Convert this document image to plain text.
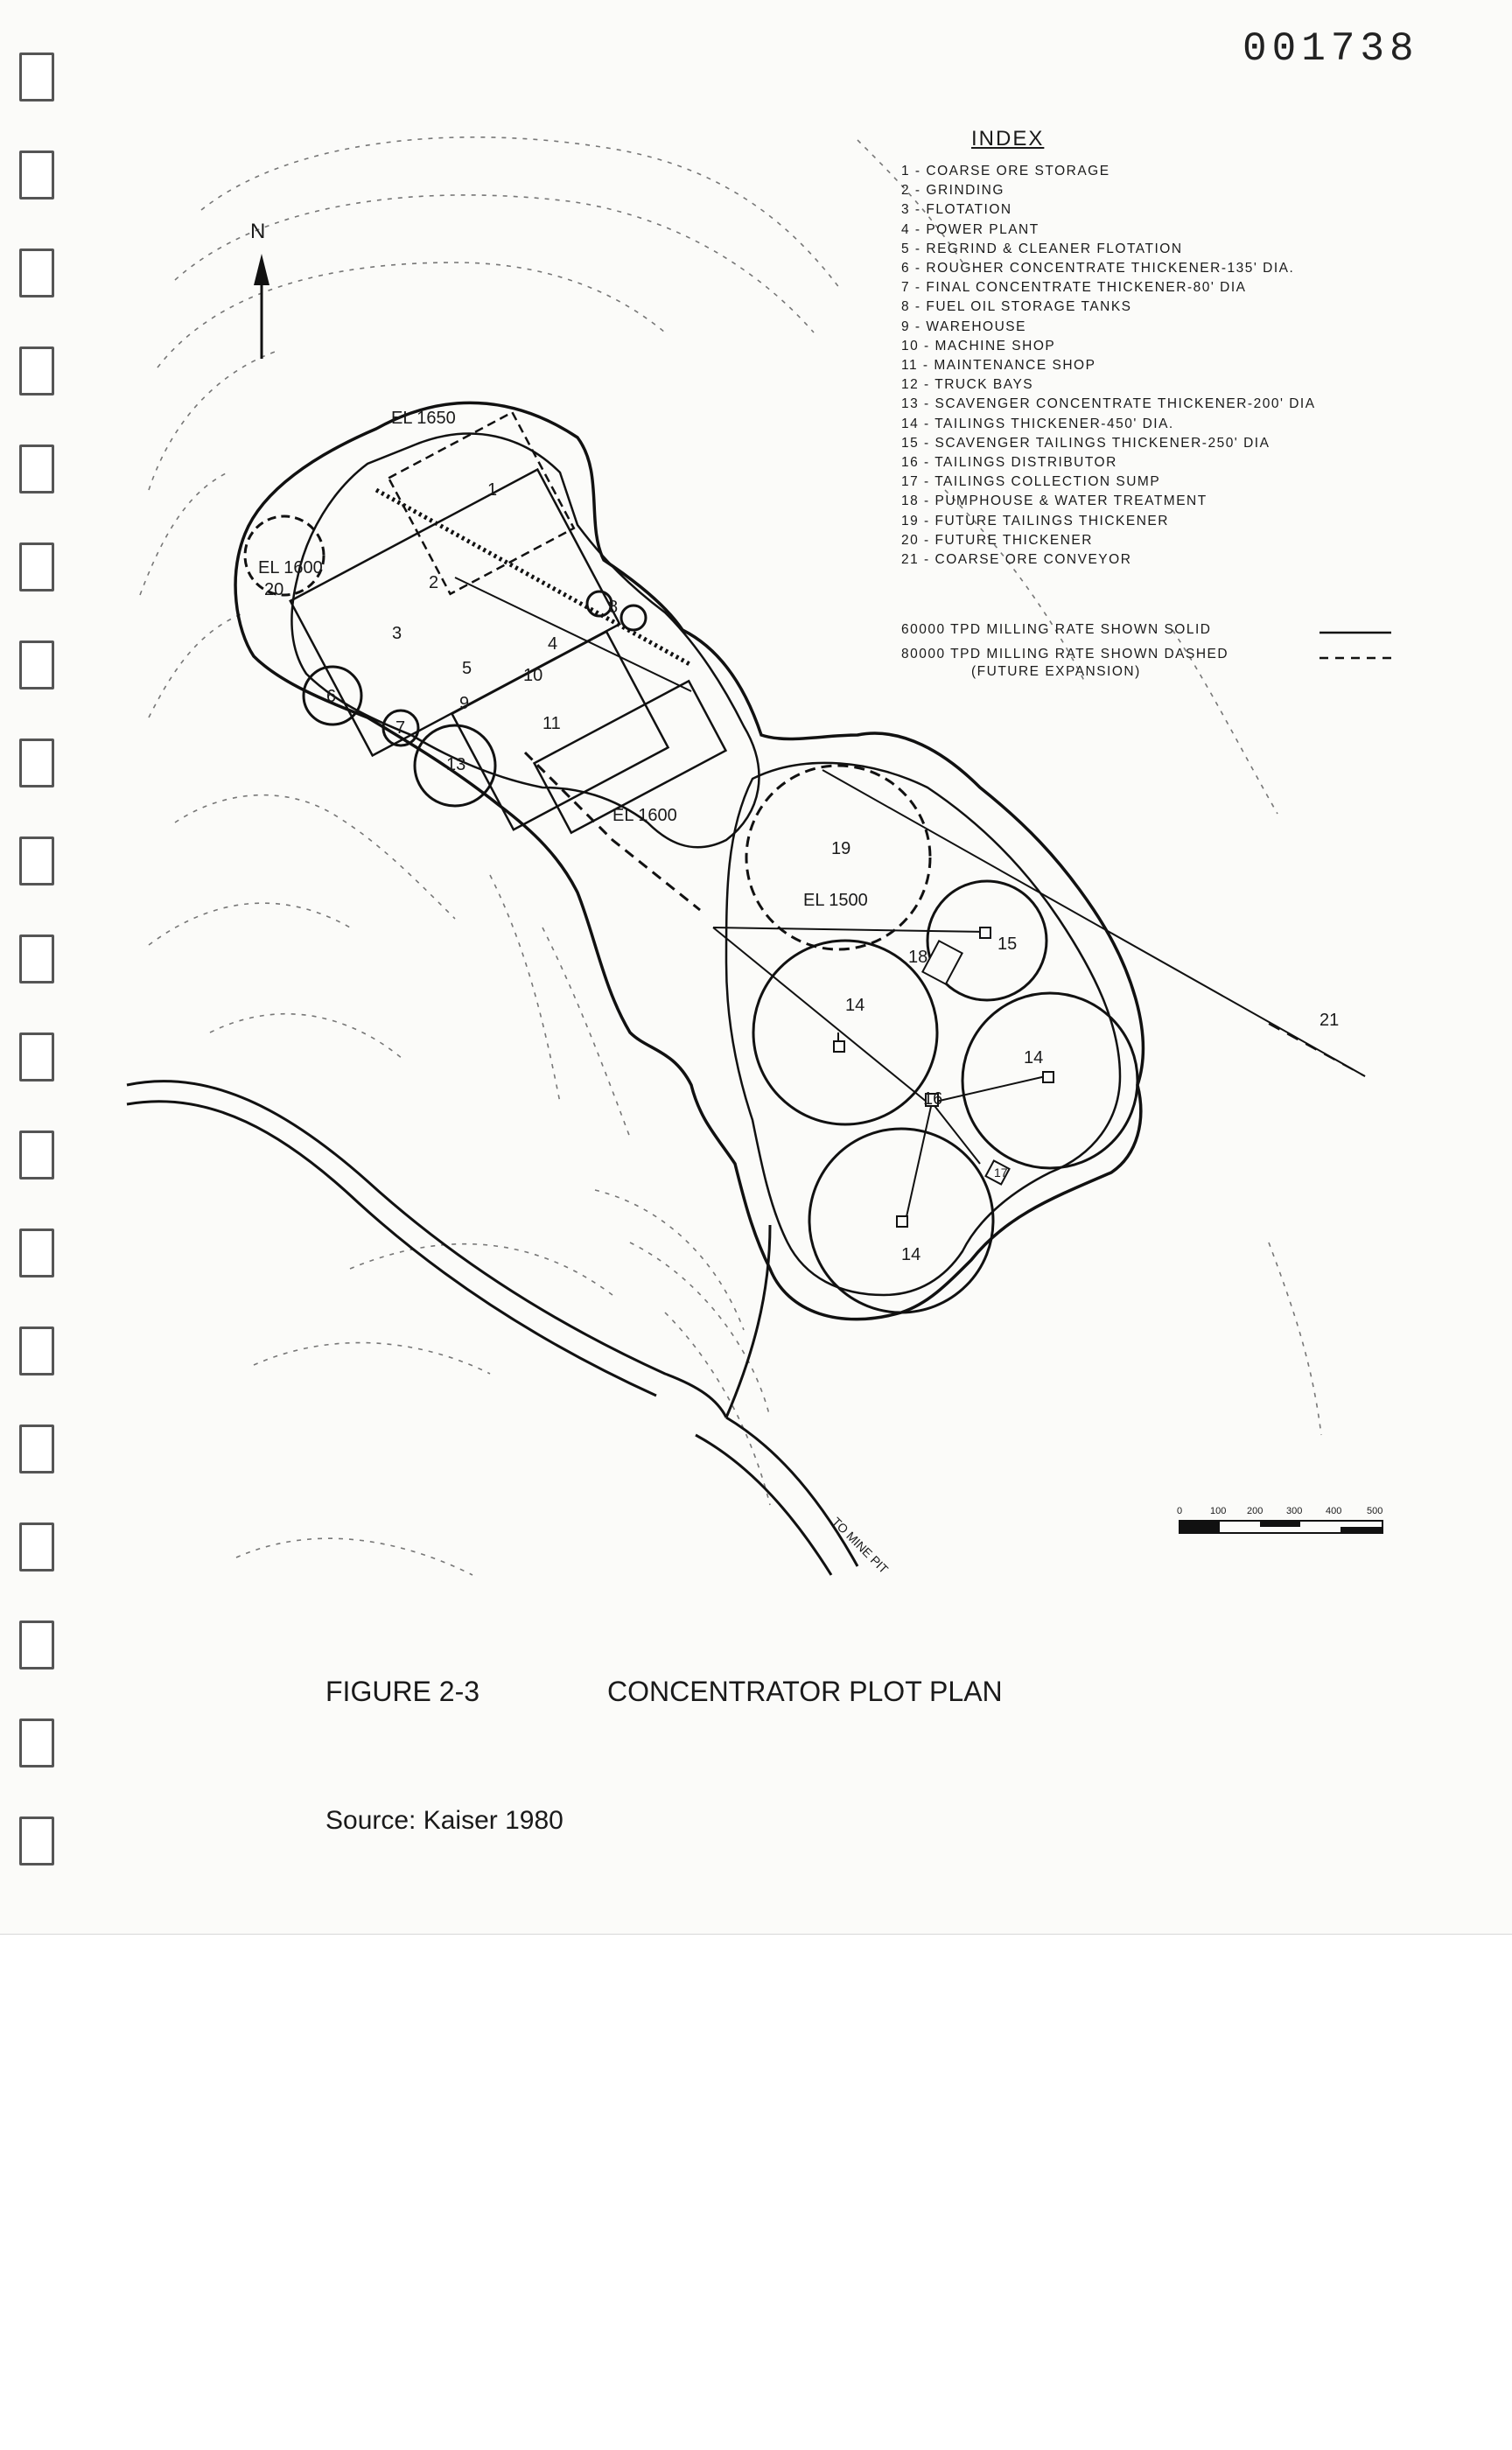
001738
N
TO MINE PIT
EL 1650
EL 1600
EL 1600
EL 1500
1
2
3
4
5
6
7
8
9
10
11
13
14
14
14
15
16
17
18
19
20
21
0	100 200 300 400	500
INDEX
1 - COARSE ORE STORAGE
2 - GRINDING
3 - FLOTATION
4 - POWER PLANT
5 - REGRIND & CLEANER FLOTATION
6 - ROUGHER CONCENTRATE THICKENER-135' DIA.
7 - FINAL CONCENTRATE THICKENER-80' DIA
8 - FUEL OIL STORAGE TANKS
9 - WAREHOUSE
10 - MACHINE SHOP
11 - MAINTENANCE SHOP
12 - TRUCK BAYS
13 - SCAVENGER CONCENTRATE THICKENER-200' DIA
14 - TAILINGS THICKENER-450' DIA.
15 - SCAVENGER TAILINGS THICKENER-250' DIA
16 - TAILINGS DISTRIBUTOR
17 - TAILINGS COLLECTION SUMP
18 - PUMPHOUSE & WATER TREATMENT
19 - FUTURE TAILINGS THICKENER
20 - FUTURE THICKENER
21 - COARSE ORE CONVEYOR
60000 TPD MILLING RATE SHOWN SOLID
80000 TPD MILLING RATE SHOWN DASHED
(FUTURE EXPANSION)
FIGURE 2-3	CONCENTRATOR PLOT PLAN
Source: Kaiser 1980
